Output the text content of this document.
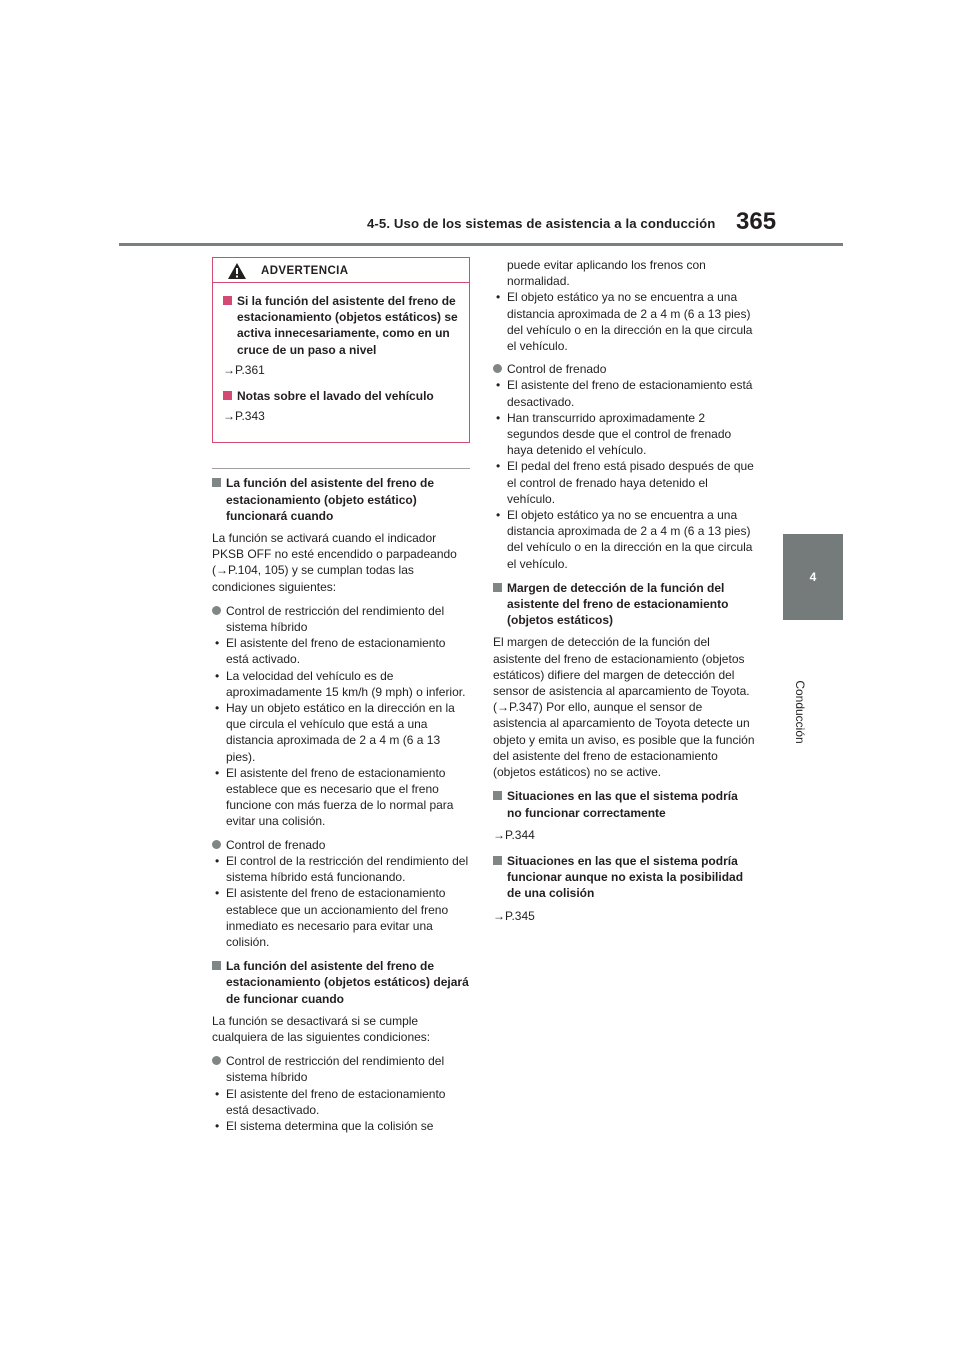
4-5. Uso de los sistemas de asistencia a la conducción 365
4
Conducción
ADVERTENCIA
Si la función del asistente del freno de estacionamiento (objetos estáticos) se activa innecesariamente, como en un cruce de un paso a nivel
→P.361
Notas sobre el lavado del vehículo
→P.343
La función del asistente del freno de estacionamiento (objeto estático) funcionará cuando
La función se activará cuando el indicador PKSB OFF no esté encendido o parpadeando (→P.104, 105) y se cumplan todas las condiciones siguientes:
Control de restricción del rendimiento del sistema híbrido
• El asistente del freno de estacionamiento está activado.
• La velocidad del vehículo es de aproximadamente 15 km/h (9 mph) o inferior.
• Hay un objeto estático en la dirección en la que circula el vehículo que está a una distancia aproximada de 2 a 4 m (6 a 13 pies).
• El asistente del freno de estacionamiento establece que es necesario que el freno funcione con más fuerza de lo normal para evitar una colisión.
Control de frenado
• El control de la restricción del rendimiento del sistema híbrido está funcionando.
• El asistente del freno de estacionamiento establece que un accionamiento del freno inmediato es necesario para evitar una colisión.
La función del asistente del freno de estacionamiento (objetos estáticos) dejará de funcionar cuando
La función se desactivará si se cumple cualquiera de las siguientes condiciones:
Control de restricción del rendimiento del sistema híbrido
• El asistente del freno de estacionamiento está desactivado.
• El sistema determina que la colisión se
puede evitar aplicando los frenos con normalidad.
• El objeto estático ya no se encuentra a una distancia aproximada de 2 a 4 m (6 a 13 pies) del vehículo o en la dirección en la que circula el vehículo.
Control de frenado
• El asistente del freno de estacionamiento está desactivado.
• Han transcurrido aproximadamente 2 segundos desde que el control de frenado haya detenido el vehículo.
• El pedal del freno está pisado después de que el control de frenado haya detenido el vehículo.
• El objeto estático ya no se encuentra a una distancia aproximada de 2 a 4 m (6 a 13 pies) del vehículo o en la dirección en la que circula el vehículo.
Margen de detección de la función del asistente del freno de estacionamiento (objetos estáticos)
El margen de detección de la función del asistente del freno de estacionamiento (objetos estáticos) difiere del margen de detección del sensor de asistencia al aparcamiento de Toyota. (→P.347) Por ello, aunque el sensor de asistencia al aparcamiento de Toyota detecte un objeto y emita un aviso, es posible que la función del asistente del freno de estacionamiento (objetos estáticos) no se active.
Situaciones en las que el sistema podría no funcionar correctamente
→P.344
Situaciones en las que el sistema podría funcionar aunque no exista la posibilidad de una colisión
→P.345
